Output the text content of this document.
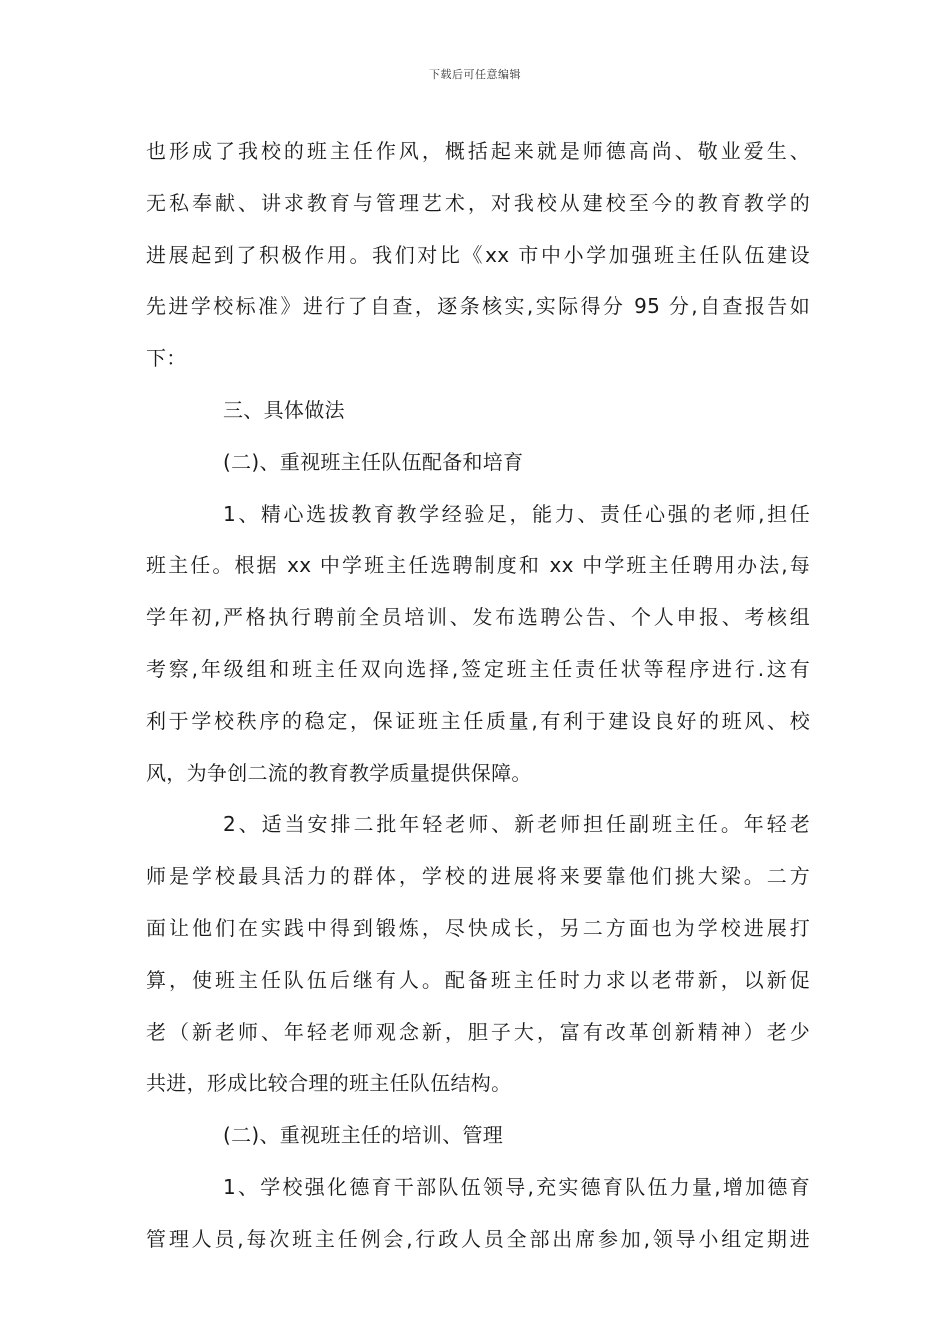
下载后可任意编辑
也形成了我校的班主任作风，概括起来就是师德高尚、敬业爱生、
无私奉献、讲求教育与管理艺术，对我校从建校至今的教育教学的
进展起到了积极作用。我们对比《xx 市中小学加强班主任队伍建设
先进学校标准》进行了自查，逐条核实,实际得分 95 分,自查报告如
下：
三、具体做法
(二)、重视班主任队伍配备和培育
1、精心选拔教育教学经验足，能力、责任心强的老师,担任
班主任。根据 xx 中学班主任选聘制度和 xx 中学班主任聘用办法,每
学年初,严格执行聘前全员培训、发布选聘公告、个人申报、考核组
考察,年级组和班主任双向选择,签定班主任责任状等程序进行.这有
利于学校秩序的稳定，保证班主任质量,有利于建设良好的班风、校
风，为争创二流的教育教学质量提供保障。
2、适当安排二批年轻老师、新老师担任副班主任。年轻老
师是学校最具活力的群体，学校的进展将来要靠他们挑大梁。二方
面让他们在实践中得到锻炼，尽快成长，另二方面也为学校进展打
算，使班主任队伍后继有人。配备班主任时力求以老带新，以新促
老（新老师、年轻老师观念新，胆子大，富有改革创新精神）老少
共进，形成比较合理的班主任队伍结构。
(二)、重视班主任的培训、管理
1、学校强化德育干部队伍领导,充实德育队伍力量,增加德育
管理人员,每次班主任例会,行政人员全部出席参加,领导小组定期进
